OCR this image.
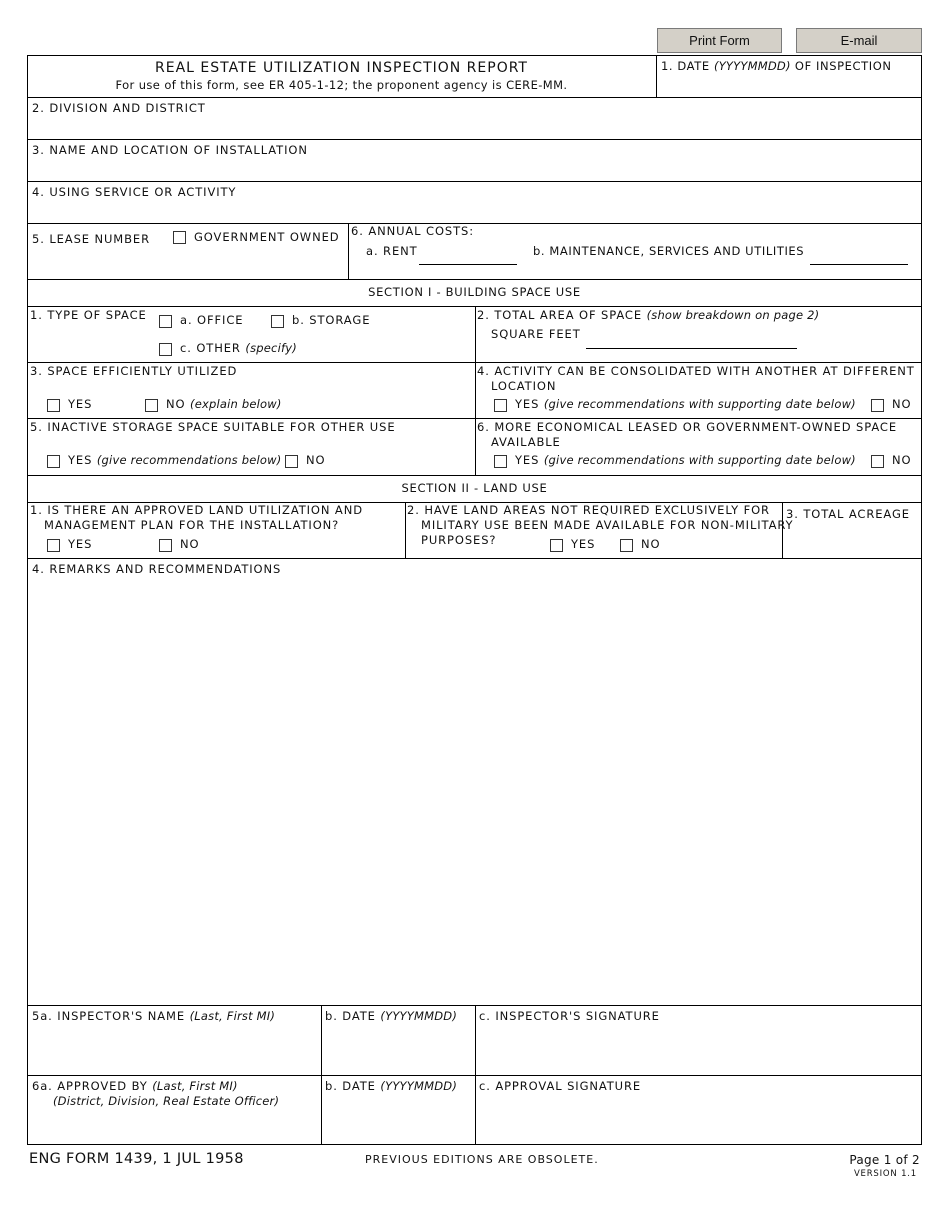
Print Form	E-mail
REAL ESTATE UTILIZATION INSPECTION REPORT
For use of this form, see ER 405-1-12; the proponent agency is CERE-MM.
1. DATE (YYYYMMDD) OF INSPECTION
2. DIVISION AND DISTRICT
3. NAME AND LOCATION OF INSTALLATION
4. USING SERVICE OR ACTIVITY
5. LEASE NUMBER	GOVERNMENT OWNED 6. ANNUAL COSTS:
a. RENT	b. MAINTENANCE, SERVICES AND UTILITIES
SECTION I - BUILDING SPACE USE
1. TYPE OF SPACE	a. OFFICE	b. STORAGE
c. OTHER (specify)
2. TOTAL AREA OF SPACE (show breakdown on page 2)
SQUARE FEET
3. SPACE EFFICIENTLY UTILIZED
YES	NO (explain below)
4. ACTIVITY CAN BE CONSOLIDATED WITH ANOTHER AT DIFFERENT
LOCATION
YES (give recommendations with supporting date below)	NO
5. INACTIVE STORAGE SPACE SUITABLE FOR OTHER USE
YES (give recommendations below) NO
6. MORE ECONOMICAL LEASED OR GOVERNMENT-OWNED SPACE
AVAILABLE
YES (give recommendations with supporting date below)	NO
SECTION II - LAND USE
1. IS THERE AN APPROVED LAND UTILIZATION AND
MANAGEMENT PLAN FOR THE INSTALLATION?
YES	NO
2. HAVE LAND AREAS NOT REQUIRED EXCLUSIVELY FOR
MILITARY USE BEEN MADE AVAILABLE FOR NON-MILITARY
PURPOSES?	YES	NO
3. TOTAL ACREAGE
4. REMARKS AND RECOMMENDATIONS
5a. INSPECTOR'S NAME (Last, First MI)	b. DATE (YYYYMMDD) c. INSPECTOR'S SIGNATURE
6a. APPROVED BY (Last, First MI)
(District, Division, Real Estate Officer)
b. DATE (YYYYMMDD) c. APPROVAL SIGNATURE
ENG FORM 1439, 1 JUL 1958	PREVIOUS EDITIONS ARE OBSOLETE.	Page 1 of 2
VERSION 1.1
